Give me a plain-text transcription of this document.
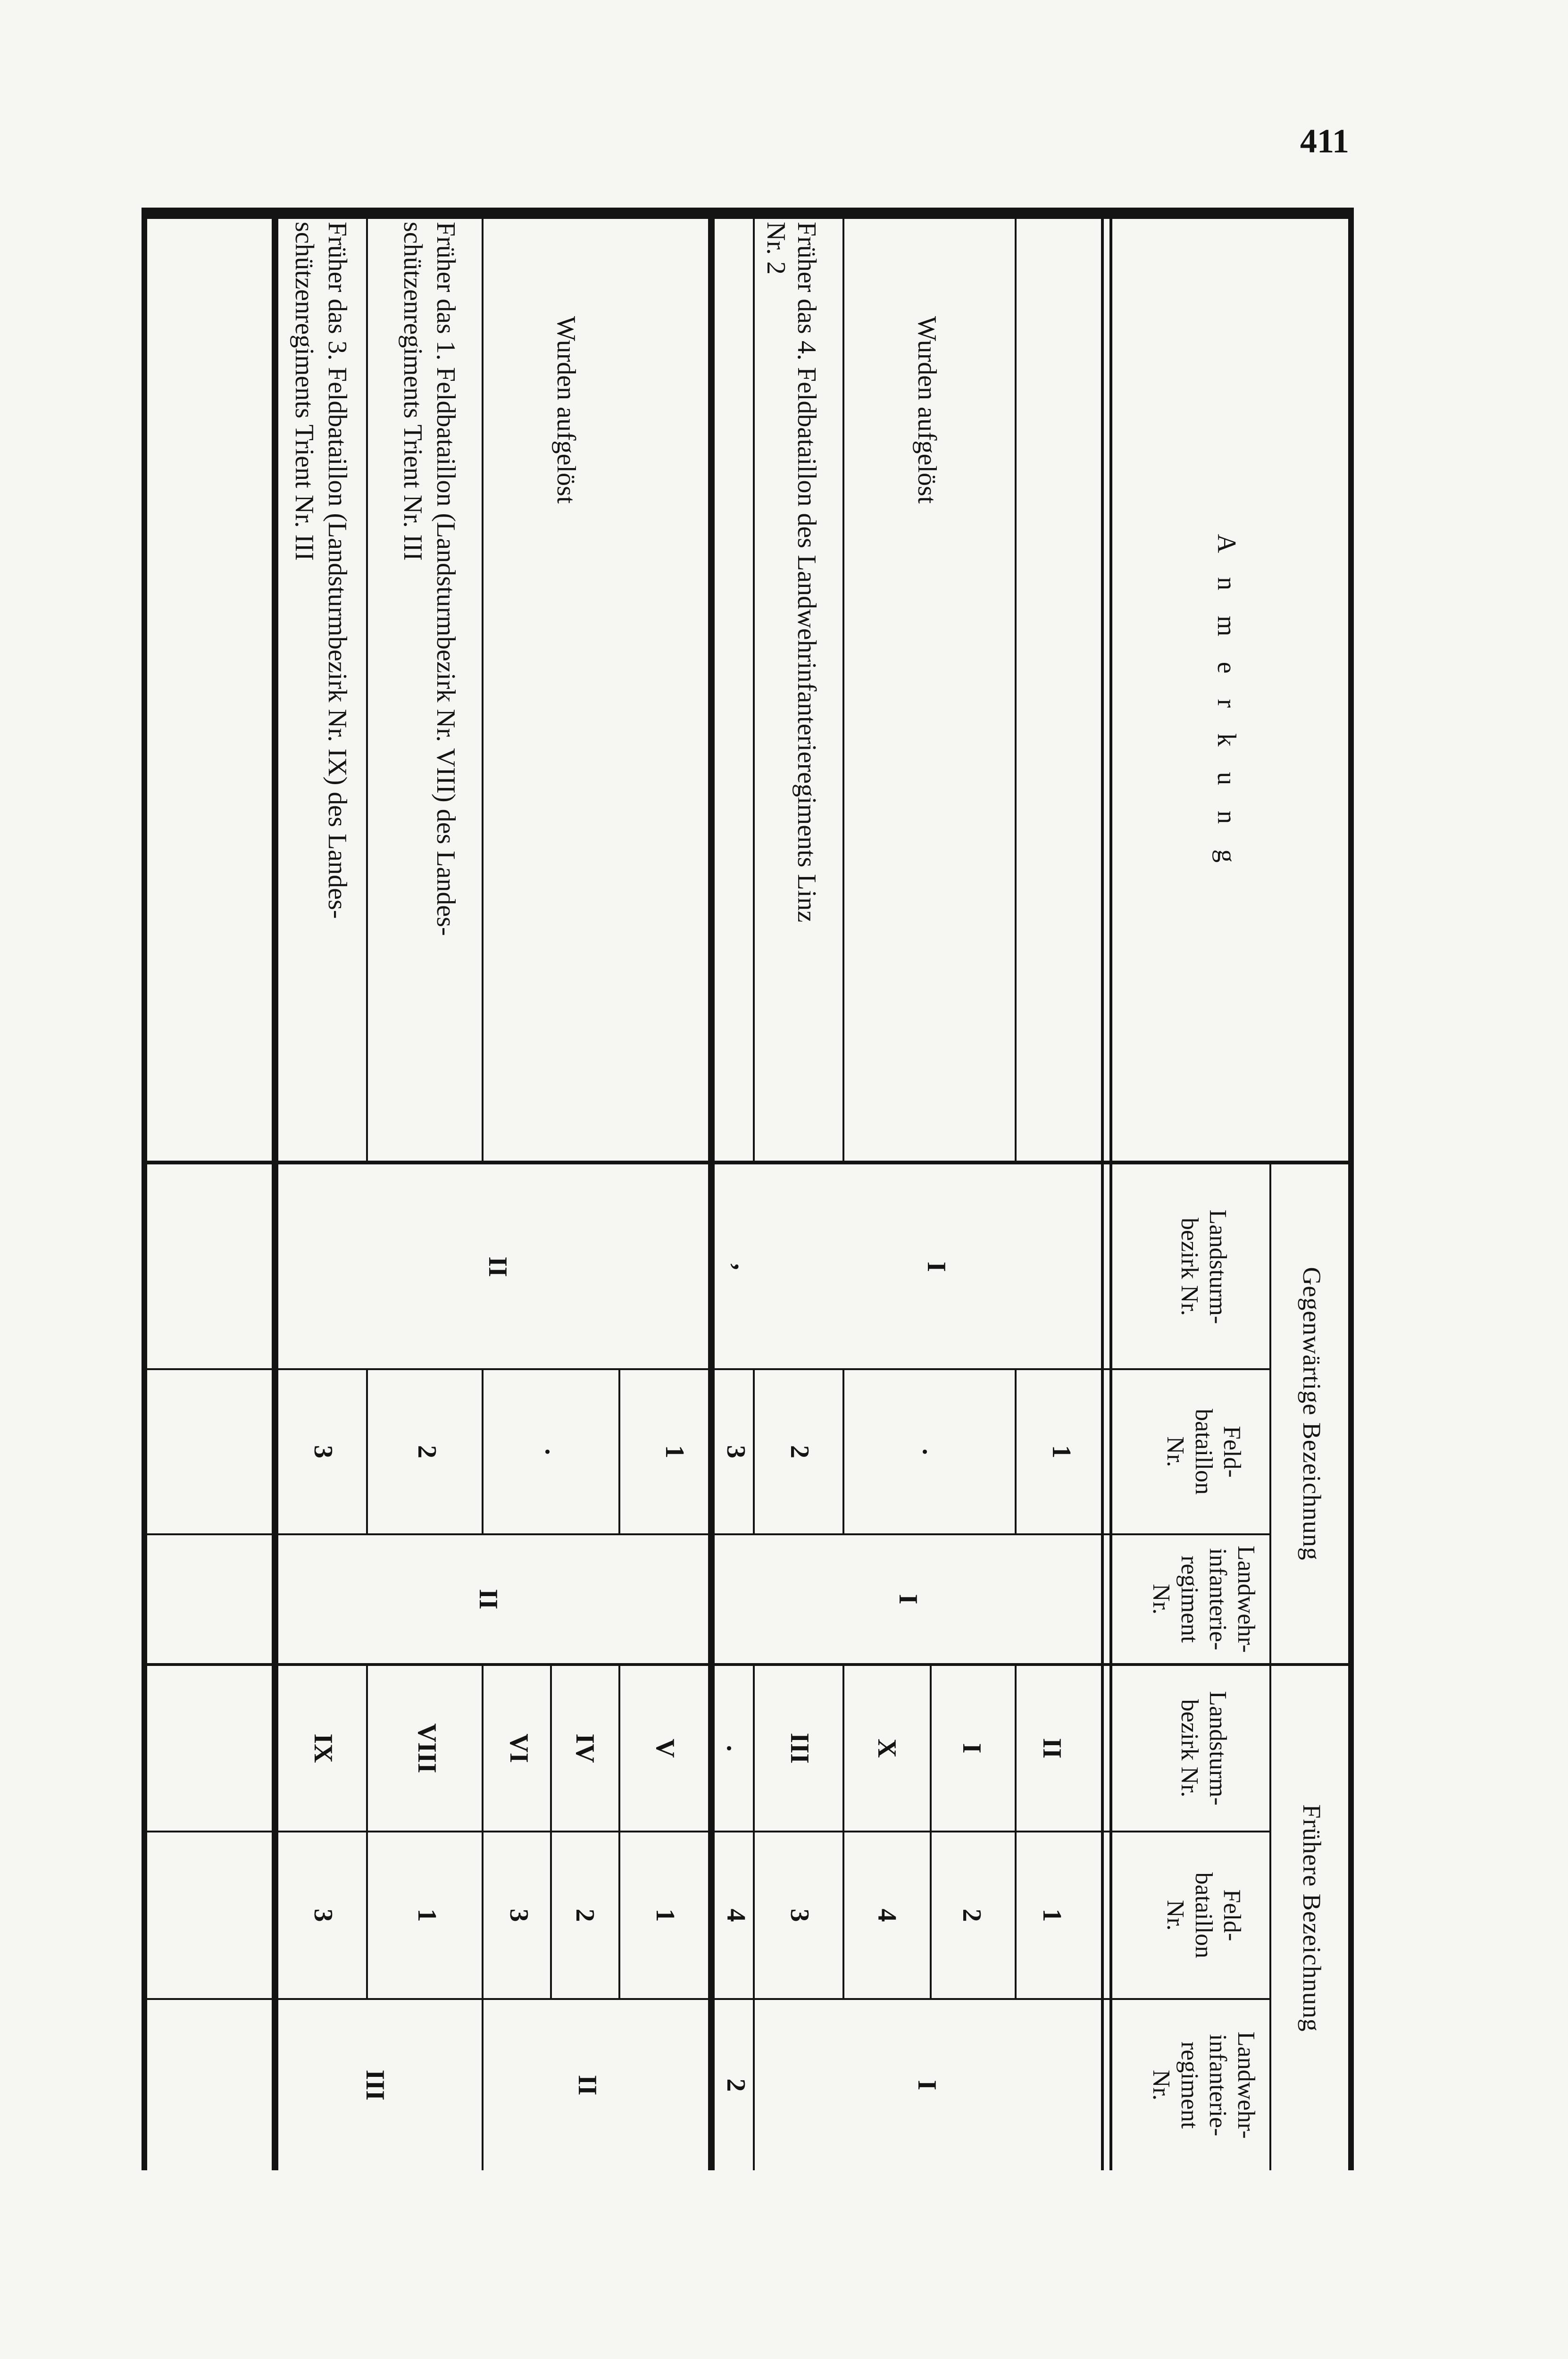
411
A n m e r k u n g
Gegenwärtige Bezeichnung
Frühere Bezeichnung
Landsturm-
bezirk Nr.
Feld-
bataillon
Nr.
Landwehr-
infanterie-
regiment
Nr.
Landsturm-
bezirk Nr.
Feld-
bataillon
Nr.
Landwehr-
infanterie-
regiment
Nr.
I
2
II
III
1
2
4
3
4
1
2
3
1
3
II
I
X
III
.
V
IV
VI
VIII
IX
I
II
1
.
2
3
1
.
2
3
I
,
II
Wurden aufgelöst
Früher das 4. Feldbataillon des Landwehrinfanterieregiments Linz
Nr. 2
Wurden aufgelöst
Früher das 1. Feldbataillon (Landsturmbezirk Nr. VIII) des Landes-
schützenregiments Trient Nr. III
Früher das 3. Feldbataillon (Landsturmbezirk Nr. IX) des Landes-
schützenregiments Trient Nr. III
